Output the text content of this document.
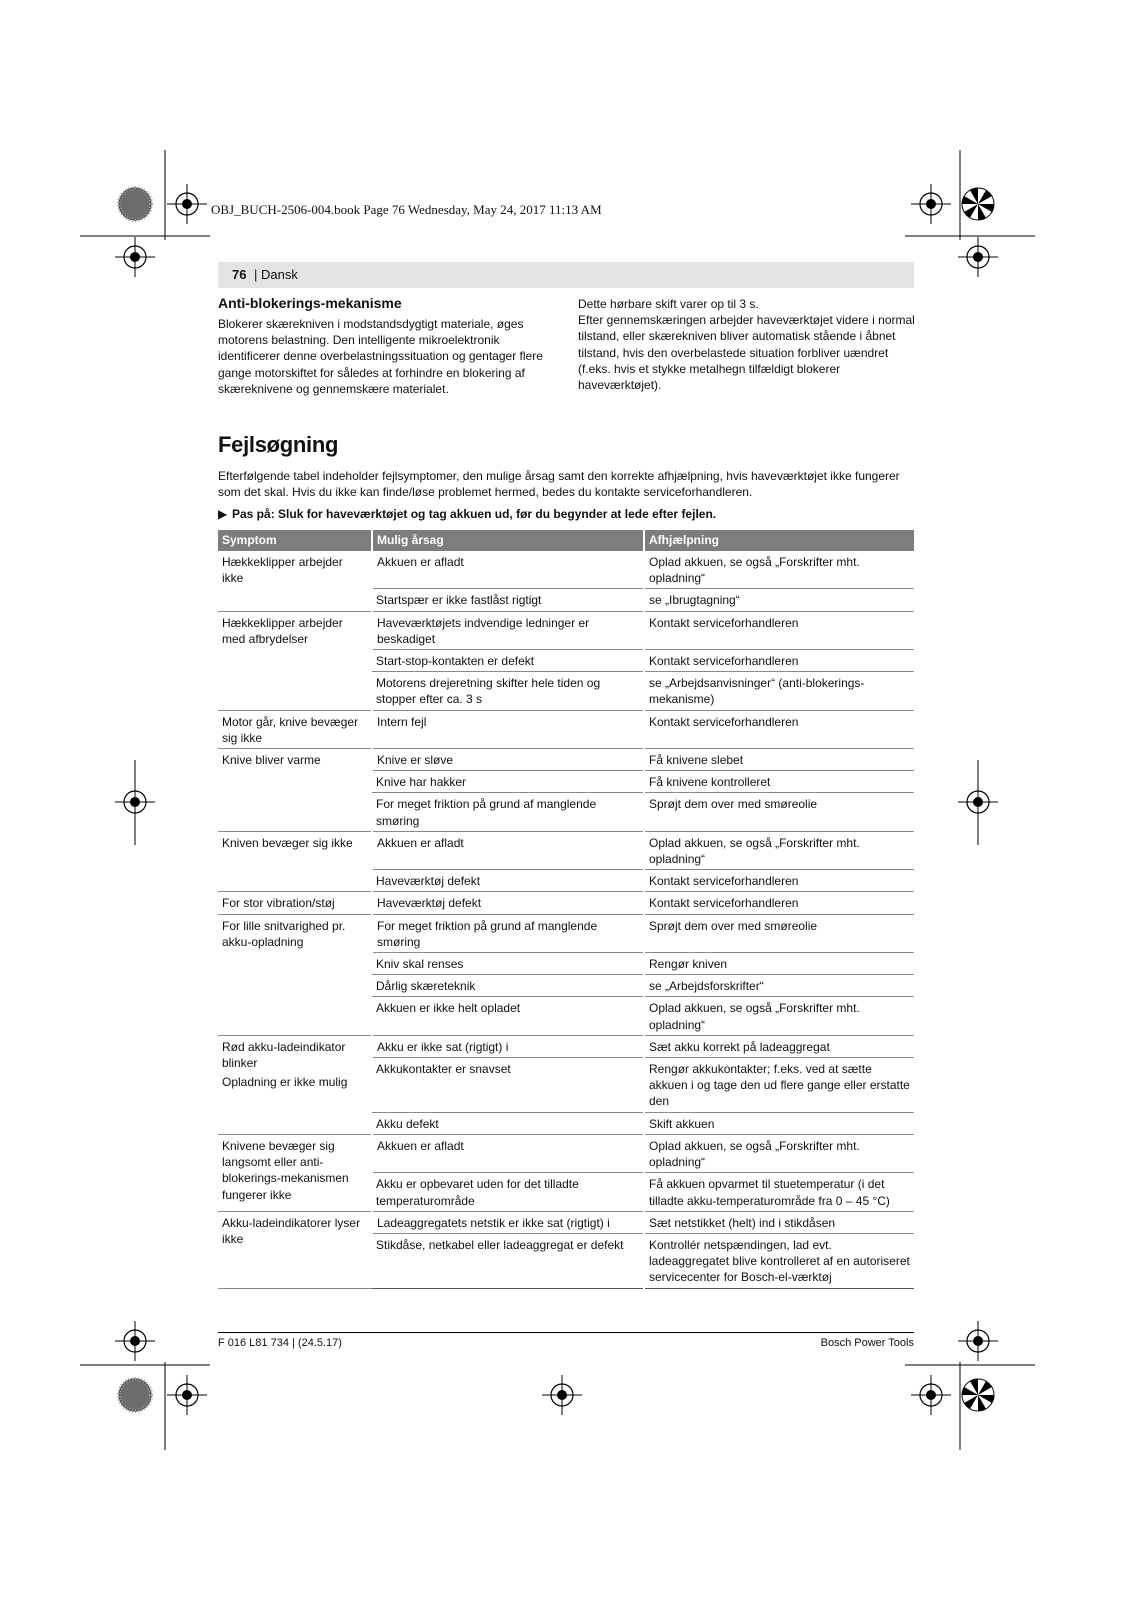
OBJ_BUCH-2506-004.book Page 76 Wednesday, May 24, 2017 11:13 AM
76 | Dansk
Anti-blokerings-mekanisme

Blokerer skærekniven i modstandsdygtigt materiale, øges motorens belastning. Den intelligente mikroelektronik identificerer denne overbelastningssituation og gentager flere gange motorskiftet for således at forhindre en blokering af skæreknivene og gennemskære materialet.

Dette hørbare skift varer op til 3 s.

Efter gennemskæringen arbejder haveværktøjet videre i normal tilstand, eller skærekniven bliver automatisk stående i åbnet tilstand, hvis den overbelastede situation forbliver uændret (f.eks. hvis et stykke metalhegn tilfældigt blokerer haveværktøjet).

Fejlsøgning
Efterfølgende tabel indeholder fejlsymptomer, den mulige årsag samt den korrekte afhjælpning, hvis haveværktøjet ikke fungerer som det skal. Hvis du ikke kan finde/løse problemet hermed, bedes du kontakte serviceforhandleren.
▶ Pas på: Sluk for haveværktøjet og tag akkuen ud, før du begynder at lede efter fejlen.
Symptom	Mulig årsag	Afhjælpning

Hækkeklipper arbejder ikke	Akkuen er afladt	Oplad akkuen, se også „Forskrifter mht. opladning“
	Startspær er ikke fastlåst rigtigt	se „Ibrugtagning“

Hækkeklipper arbejder med afbrydelser	Haveværktøjets indvendige ledninger er beskadiget	Kontakt serviceforhandleren
	Start-stop-kontakten er defekt	Kontakt serviceforhandleren
	Motorens drejeretning skifter hele tiden og stopper efter ca. 3 s	se „Arbejdsanvisninger“ (anti-blokerings-mekanisme)

Motor går, knive bevæger sig ikke	Intern fejl	Kontakt serviceforhandleren

Knive bliver varme	Knive er sløve	Få knivene slebet
	Knive har hakker	Få knivene kontrolleret
	For meget friktion på grund af manglende smøring	Sprøjt dem over med smøreolie

Kniven bevæger sig ikke	Akkuen er afladt	Oplad akkuen, se også „Forskrifter mht. opladning“
	Haveværktøj defekt	Kontakt serviceforhandleren

For stor vibration/støj	Haveværktøj defekt	Kontakt serviceforhandleren

For lille snitvarighed pr. akku-opladning	For meget friktion på grund af manglende smøring	Sprøjt dem over med smøreolie
	Kniv skal renses	Rengør kniven
	Dårlig skæreteknik	se „Arbejdsforskrifter“
	Akkuen er ikke helt opladet	Oplad akkuen, se også „Forskrifter mht. opladning“

Rød akku-ladeindikator blinker
Opladning er ikke mulig	Akku er ikke sat (rigtigt) i	Sæt akku korrekt på ladeaggregat
	Akkukontakter er snavset	Rengør akkukontakter; f.eks. ved at sætte akkuen i og tage den ud flere gange eller erstatte den
	Akku defekt	Skift akkuen

Knivene bevæger sig langsomt eller anti-blokerings-mekanismen fungerer ikke	Akkuen er afladt	Oplad akkuen, se også „Forskrifter mht. opladning“
	Akku er opbevaret uden for det tilladte temperaturområde	Få akkuen opvarmet til stuetemperatur (i det tilladte akku-temperaturområde fra 0 – 45 °C)

Akku-ladeindikatorer lyser ikke	Ladeaggregatets netstik er ikke sat (rigtigt) i	Sæt netstikket (helt) ind i stikdåsen
	Stikdåse, netkabel eller ladeaggregat er defekt	Kontrollér netspændingen, lad evt. ladeaggregatet blive kontrolleret af en autoriseret servicecenter for Bosch-el-værktøj
F 016 L81 734 | (24.5.17)	Bosch Power Tools
